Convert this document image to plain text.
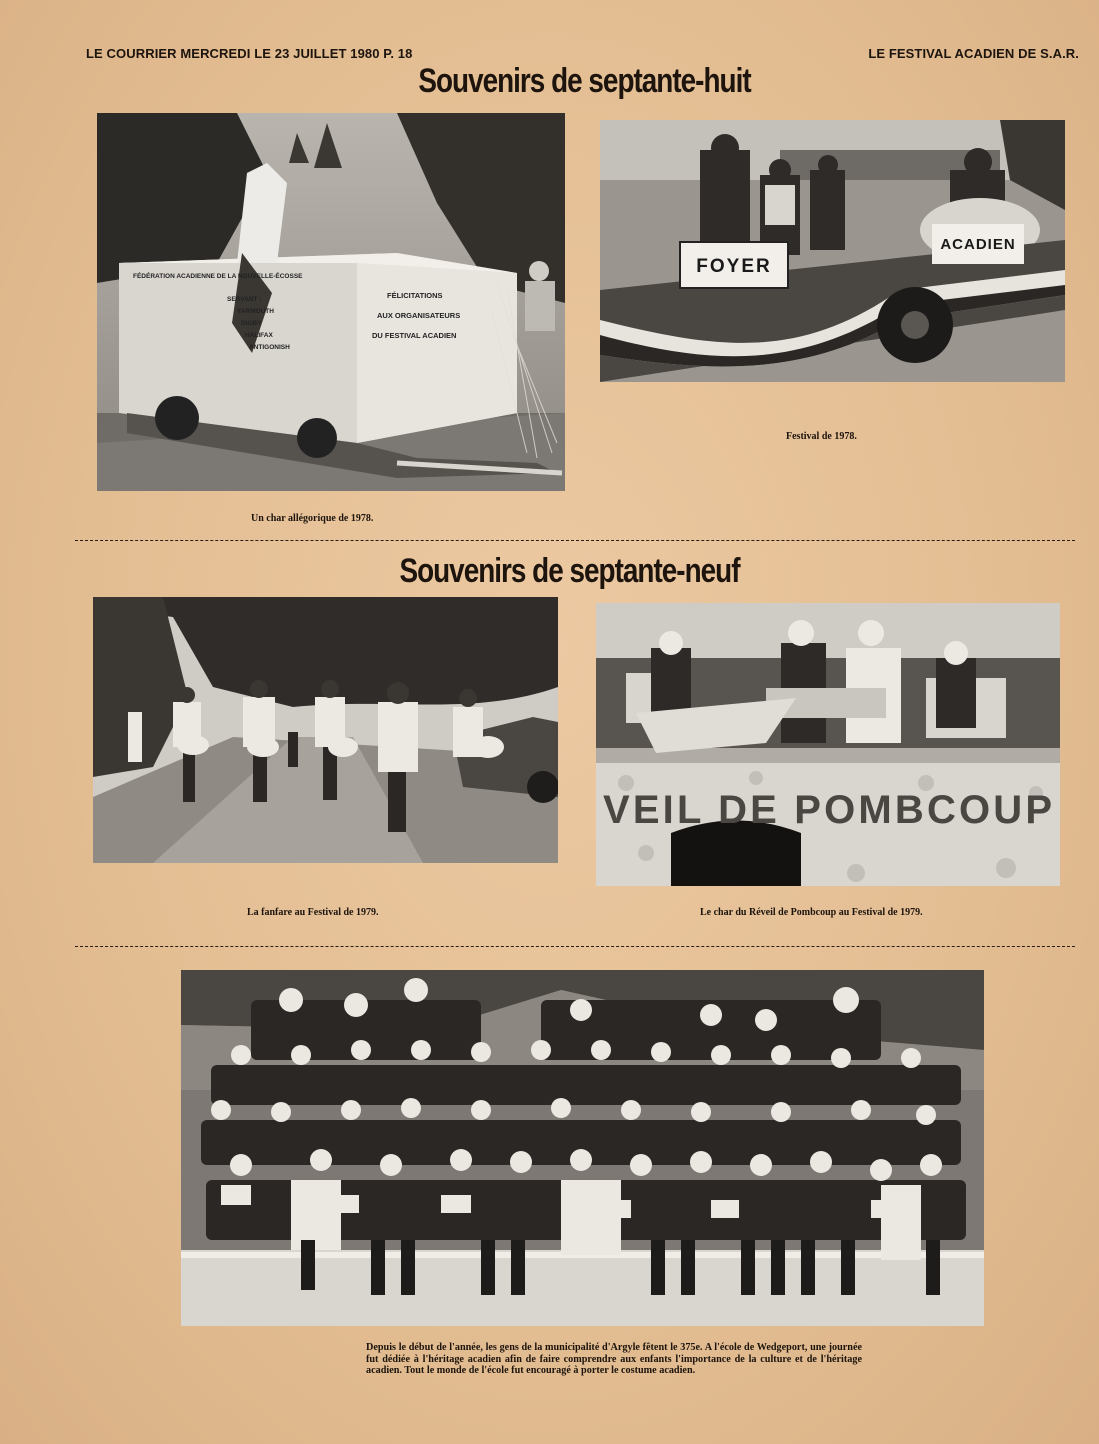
LE COURRIER MERCREDI LE 23 JUILLET 1980 P. 18	LE FESTIVAL ACADIEN DE S.A.R.
Souvenirs de septante-huit
FÉDÉRATION ACADIENNE DE LA NOUVELLE-ÉCOSSE
SERVANT :
YARMOUTH
DIGBY
HALIFAX
ANTIGONISH
FÉLICITATIONS
AUX ORGANISATEURS
DU FESTIVAL ACADIEN
FOYER
ACADIEN
Festival de 1978.
Un char allégorique de 1978.
Souvenirs de septante-neuf
VEIL DE POMBCOUP
La fanfare au Festival de 1979.	Le char du Réveil de Pombcoup au Festival de 1979.
Depuis le début de l'année, les gens de la municipalité d'Argyle fêtent le 375e. A l'école de Wedgeport, une journée fut dédiée à l'héritage acadien afin de faire comprendre aux enfants l'importance de la culture et de l'héritage acadien. Tout le monde de l'école fut encouragé à porter le costume acadien.
